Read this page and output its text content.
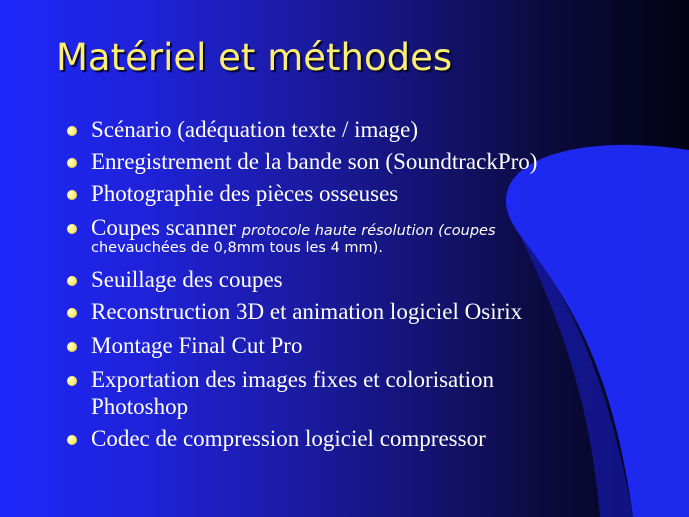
Matériel et méthodes
Scénario (adéquation texte / image)
Enregistrement de la bande son (SoundtrackPro)
Photographie des pièces osseuses
Coupes scanner protocole haute résolution (coupes
chevauchées de 0,8mm tous les 4 mm).
Seuillage des coupes
Reconstruction 3D et animation logiciel Osirix
Montage Final Cut Pro
Exportation des images fixes et colorisation
Photoshop
Codec de compression logiciel compressor
